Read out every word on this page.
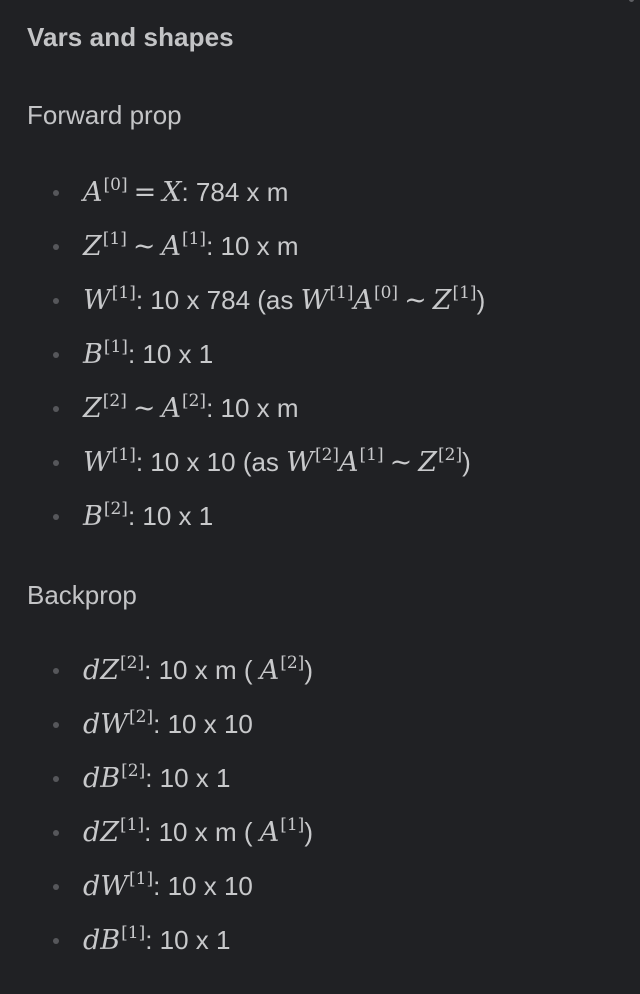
Vars and shapes
Forward prop
A[0] = X: 784 x m
Z[1] ~ A[1]: 10 x m
W[1]: 10 x 784 (as W[1]A[0] ~ Z[1])
B[1]: 10 x 1
Z[2] ~ A[2]: 10 x m
W[1]: 10 x 10 (as W[2]A[1] ~ Z[2])
B[2]: 10 x 1
Backprop
dZ[2]: 10 x m ( A[2])
dW[2]: 10 x 10
dB[2]: 10 x 1
dZ[1]: 10 x m ( A[1])
dW[1]: 10 x 10
dB[1]: 10 x 1
